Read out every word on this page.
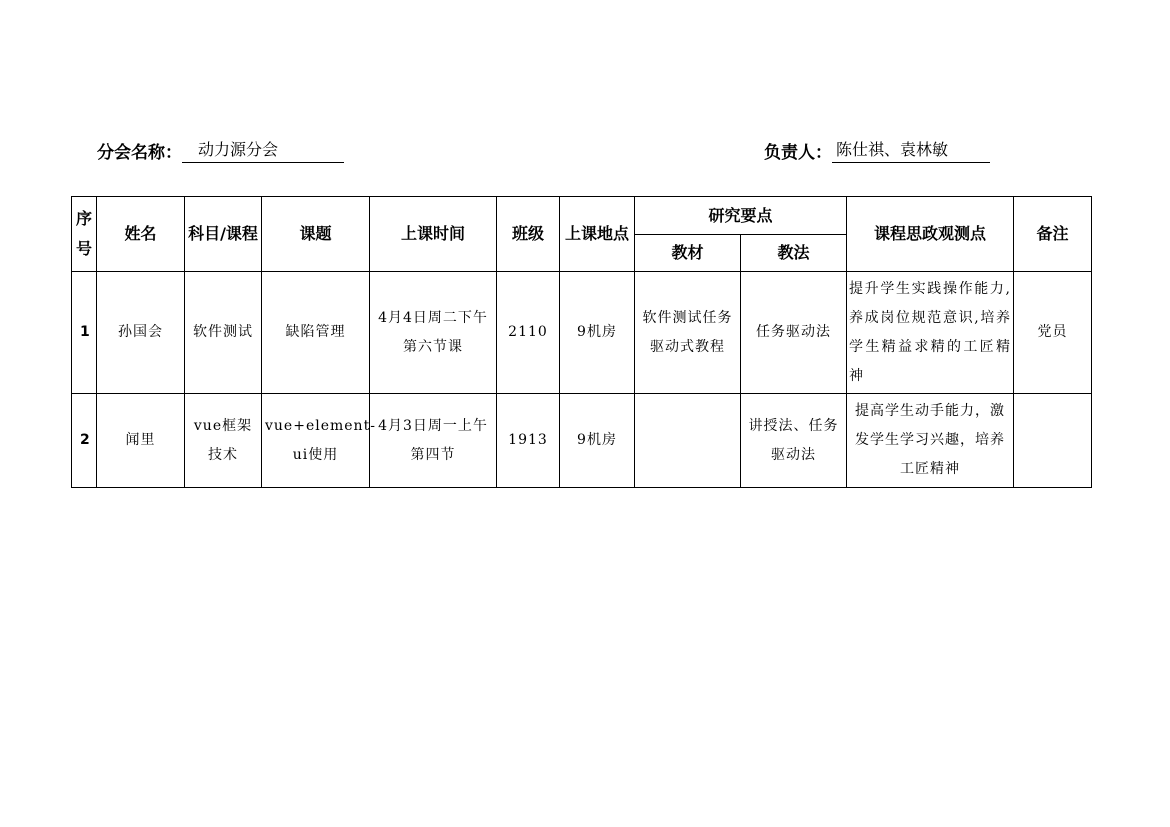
分会名称：	动力源分会	负责人： 陈仕祺、袁林敏
序号	姓名	科目/课程	课题	上课时间	班级	上课地点	研究要点		课程思政观测点	备注
							教材	教法		
1	孙国会	软件测试	缺陷管理	4月4日周二下午第六节课	2110	9机房	软件测试任务驱动式教程	任务驱动法	提升学生实践操作能力,养成岗位规范意识,培养学生精益求精的工匠精神	党员
2	闻里	vue框架技术	vue+element-ui使用	4月3日周一上午第四节	1913	9机房		讲授法、任务驱动法	提高学生动手能力，激发学生学习兴趣，培养工匠精神	
